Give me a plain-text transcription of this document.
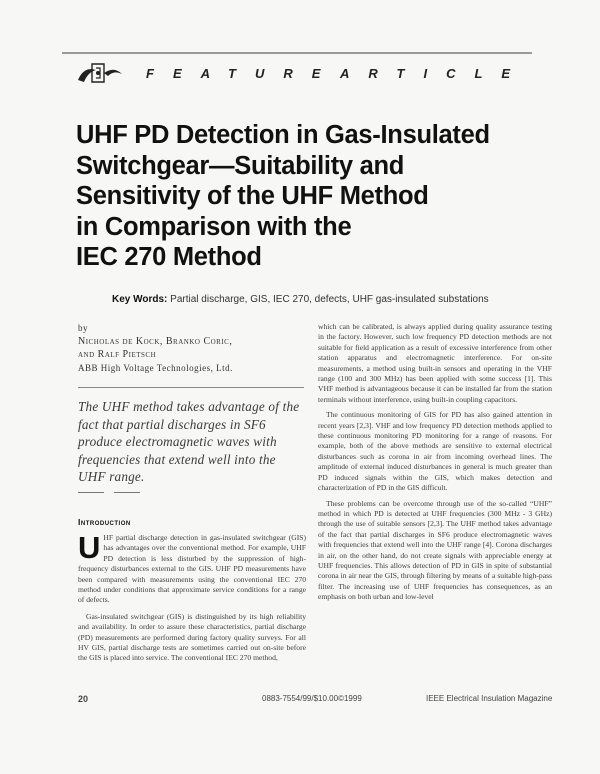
FEATURE ARTICLE
UHF PD Detection in Gas-Insulated
Switchgear—Suitability and
Sensitivity of the UHF Method
in Comparison with the
IEC 270 Method
Key Words: Partial discharge, GIS, IEC 270, defects, UHF gas-insulated substations
by
Nicholas de Kock, Branko Coric,
and Ralf Pietsch
ABB High Voltage Technologies, Ltd.
The UHF method takes advantage of the fact that partial discharges in SF6 produce electromagnetic waves with frequencies that extend well into the UHF range.
Introduction
UHF partial discharge detection in gas-insulated switchgear (GIS) has advantages over the conventional method. For example, UHF PD detection is less disturbed by the suppression of high-frequency disturbances external to the GIS. UHF PD measurements have been compared with measurements using the conventional IEC 270 method under conditions that approximate service conditions for a range of defects.
Gas-insulated switchgear (GIS) is distinguished by its high reliability and availability. In order to assure these characteristics, partial discharge (PD) measurements are performed during factory quality surveys. For all HV GIS, partial discharge tests are sometimes carried out on-site before the GIS is placed into service. The conventional IEC 270 method,
which can be calibrated, is always applied during quality assurance testing in the factory. However, such low frequency PD detection methods are not suitable for field application as a result of excessive interference from other station apparatus and electromagnetic interference. For on-site measurements, a method using built-in sensors and operating in the VHF range (100 and 300 MHz) has been applied with some success [1]. This VHF method is advantageous because it can be installed far from the station terminals without interference, using built-in coupling capacitors.
The continuous monitoring of GIS for PD has also gained attention in recent years [2,3]. VHF and low frequency PD detection methods applied to these continuous monitoring PD monitoring for a range of reasons. For example, both of the above methods are sensitive to external electrical disturbances such as corona in air from incoming overhead lines. The amplitude of external induced disturbances in general is much greater than PD induced signals within the GIS, which makes detection and characterization of PD in the GIS difficult.
These problems can be overcome through use of the so-called “UHF” method in which PD is detected at UHF frequencies (300 MHz - 3 GHz) through the use of suitable sensors [2,3]. The UHF method takes advantage of the fact that partial discharges in SF6 produce electromagnetic waves with frequencies that extend well into the UHF range [4]. Corona discharges in air, on the other hand, do not create signals with appreciable energy at UHF frequencies. This allows detection of PD in GIS in spite of substantial corona in air near the GIS, through filtering by means of a suitable high-pass filter. The increasing use of UHF frequencies has consequences, as an emphasis on both urban and low-level
20	0883-7554/99/$10.00©1999	IEEE Electrical Insulation Magazine
